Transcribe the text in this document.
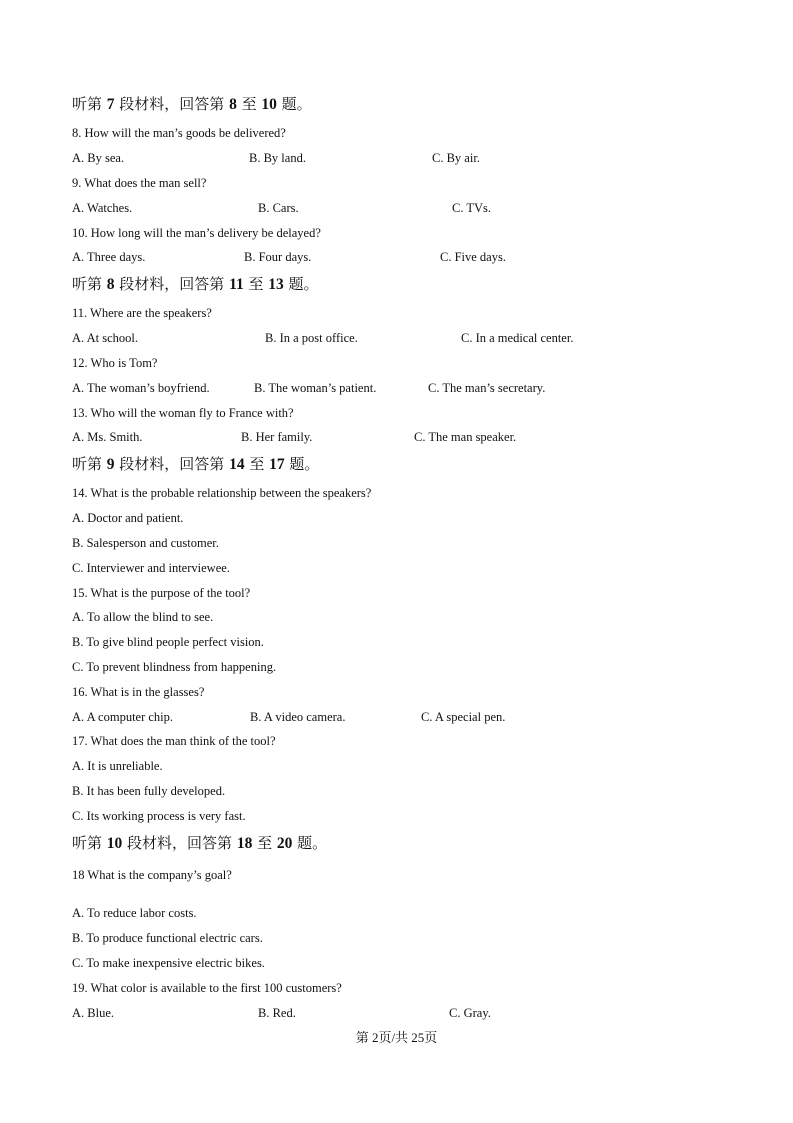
听第 7 段材料，回答第 8 至 10 题。
8. How will the man’s goods be delivered?
A. By sea.	B. By land.	C. By air.
9. What does the man sell?
A. Watches.	B. Cars.	C. TVs.
10. How long will the man’s delivery be delayed?
A. Three days.	B. Four days.	C. Five days.
听第 8 段材料，回答第 11 至 13 题。
11. Where are the speakers?
A. At school.	B. In a post office.	C. In a medical center.
12. Who is Tom?
A. The woman’s boyfriend.	B. The woman’s patient.	C. The man’s secretary.
13. Who will the woman fly to France with?
A. Ms. Smith.	B. Her family.	C. The man speaker.
听第 9 段材料，回答第 14 至 17 题。
14. What is the probable relationship between the speakers?
A. Doctor and patient.
B. Salesperson and customer.
C. Interviewer and interviewee.
15. What is the purpose of the tool?
A. To allow the blind to see.
B. To give blind people perfect vision.
C. To prevent blindness from happening.
16. What is in the glasses?
A. A computer chip.	B. A video camera.	C. A special pen.
17. What does the man think of the tool?
A. It is unreliable.
B. It has been fully developed.
C. Its working process is very fast.
听第 10 段材料，回答第 18 至 20 题。
18 What is the company’s goal?
A. To reduce labor costs.
B. To produce functional electric cars.
C. To make inexpensive electric bikes.
19. What color is available to the first 100 customers?
A. Blue.	B. Red.	C. Gray.
第 2页/共 25页
